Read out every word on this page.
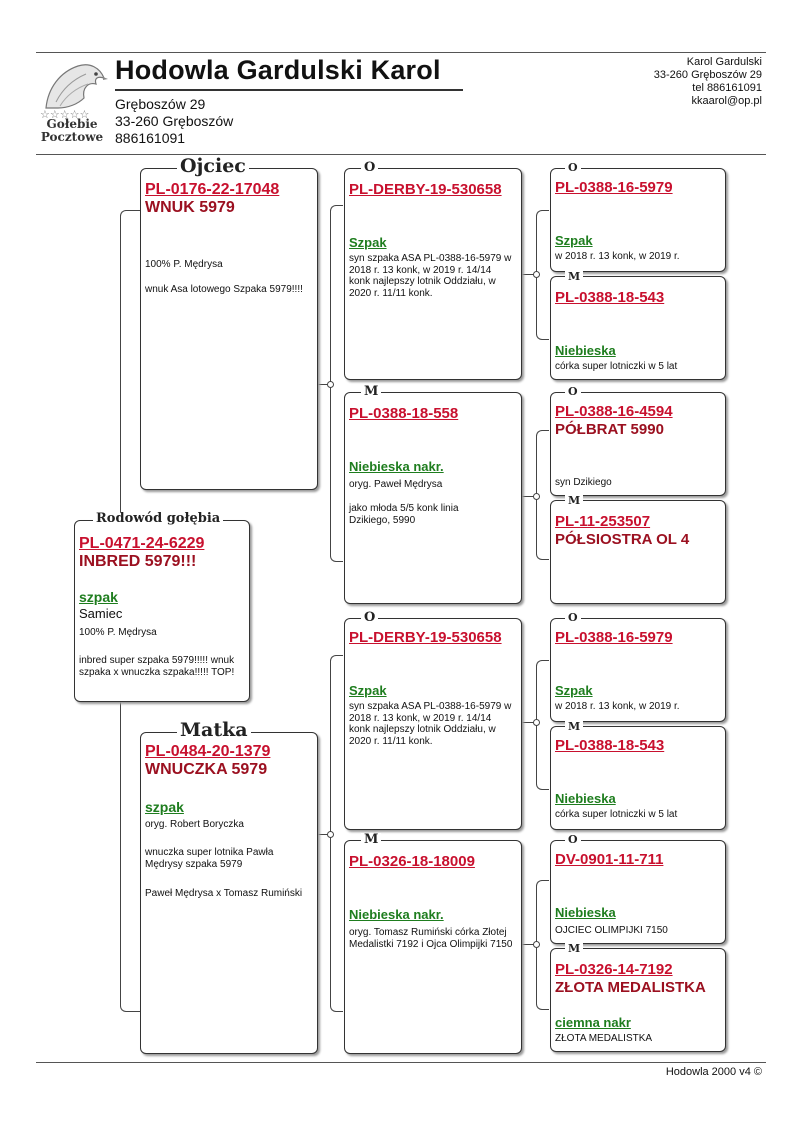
☆☆☆☆☆
Gołebie
Pocztowe
Hodowla Gardulski Karol
Gręboszów 29
33-260 Gręboszów
886161091
Karol Gardulski
33-260 Gręboszów 29
tel 886161091
kkaarol@op.pl
Rodowód gołębia
PL-0471-24-6229
INBRED 5979!!!
szpak
Samiec
100% P. Mędrysa
inbred super szpaka 5979!!!!! wnuk szpaka x wnuczka szpaka!!!!! TOP!
Ojciec
PL-0176-22-17048
WNUK 5979
100% P. Mędrysa
wnuk Asa lotowego Szpaka 5979!!!!
Matka
PL-0484-20-1379
WNUCZKA 5979
szpak
oryg. Robert Boryczka
wnuczka super lotnika Pawła Mędrysy szpaka 5979
Paweł Mędrysa x Tomasz Rumiński
O
PL-DERBY-19-530658
Szpak
syn szpaka ASA PL-0388-16-5979 w 2018 r. 13 konk, w 2019 r. 14/14 konk najlepszy lotnik Oddziału, w 2020 r. 11/11 konk.
M
PL-0388-18-558
Niebieska nakr.
oryg. Paweł Mędrysa
jako młoda 5/5 konk linia Dzikiego, 5990
O
PL-DERBY-19-530658
Szpak
syn szpaka ASA PL-0388-16-5979 w 2018 r. 13 konk, w 2019 r. 14/14 konk najlepszy lotnik Oddziału, w 2020 r. 11/11 konk.
M
PL-0326-18-18009
Niebieska nakr.
oryg. Tomasz Rumiński córka Złotej Medalistki 7192 i Ojca Olimpijki 7150
O
PL-0388-16-5979
Szpak
w 2018 r. 13 konk, w 2019 r.
M
PL-0388-18-543
Niebieska
córka super lotniczki w 5 lat
O
PL-0388-16-4594
PÓŁBRAT 5990
syn Dzikiego
M
PL-11-253507
PÓŁSIOSTRA OL 4
O
PL-0388-16-5979
Szpak
w 2018 r. 13 konk, w 2019 r.
M
PL-0388-18-543
Niebieska
córka super lotniczki w 5 lat
O
DV-0901-11-711
Niebieska
OJCIEC OLIMPIJKI 7150
M
PL-0326-14-7192
ZŁOTA MEDALISTKA
ciemna nakr
ZŁOTA MEDALISTKA
Hodowla 2000 v4 ©
